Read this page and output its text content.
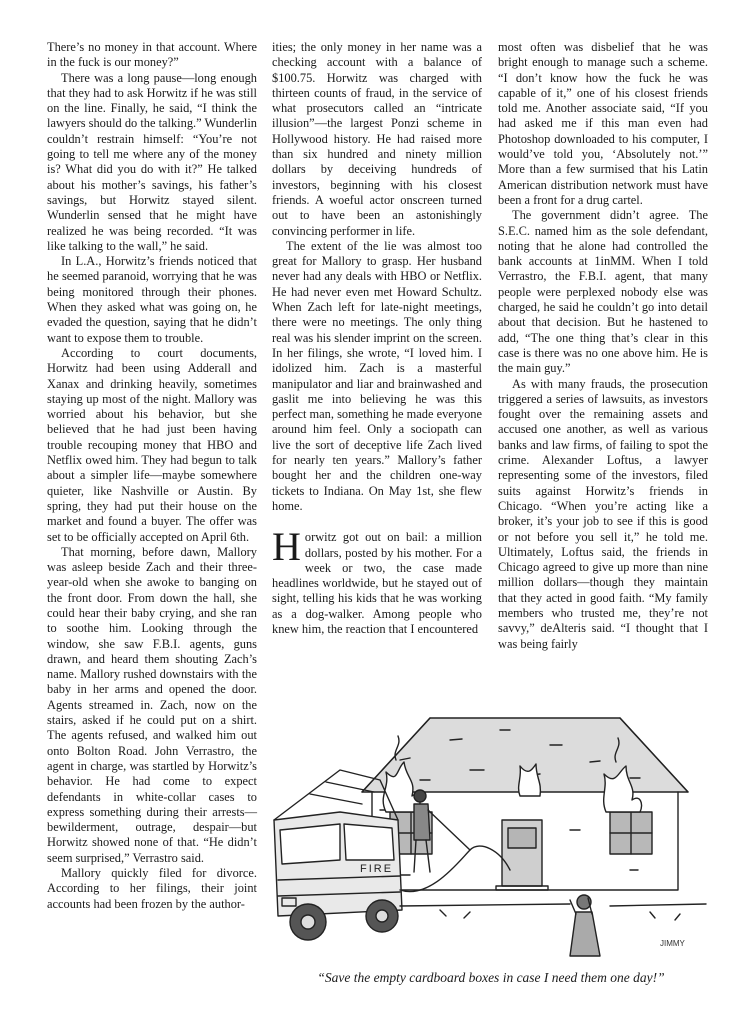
There’s no money in that account. Where in the fuck is our money?”

There was a long pause—long enough that they had to ask Horwitz if he was still on the line. Finally, he said, “I think the lawyers should do the talking.” Wunderlin couldn’t restrain himself: “You’re not going to tell me where any of the money is? What did you do with it?” He talked about his mother’s savings, his father’s savings, but Horwitz stayed silent. Wunderlin sensed that he might have realized he was being recorded. “It was like talking to the wall,” he said.

In L.A., Horwitz’s friends noticed that he seemed paranoid, worrying that he was being monitored through their phones. When they asked what was going on, he evaded the question, saying that he didn’t want to expose them to trouble.

According to court documents, Horwitz had been using Adderall and Xanax and drinking heavily, sometimes staying up most of the night. Mallory was worried about his behavior, but she believed that he had just been having trouble recouping money that HBO and Netflix owed him. They had begun to talk about a simpler life—maybe somewhere quieter, like Nashville or Austin. By spring, they had put their house on the market and found a buyer. The offer was set to be officially accepted on April 6th.

That morning, before dawn, Mallory was asleep beside Zach and their three-year-old when she awoke to banging on the front door. From down the hall, she could hear their baby crying, and she ran to soothe him. Looking through the window, she saw F.B.I. agents, guns drawn, and heard them shouting Zach’s name. Mallory rushed downstairs with the baby in her arms and opened the door. Agents streamed in. Zach, now on the stairs, asked if he could put on a shirt. The agents refused, and walked him out onto Bolton Road. John Verrastro, the agent in charge, was startled by Horwitz’s behavior. He had come to expect defendants in white-collar cases to express something during their arrests—bewilderment, outrage, despair—but Horwitz showed none of that. “He didn’t seem surprised,” Verrastro said.

Mallory quickly filed for divorce. According to her filings, their joint accounts had been frozen by the author-

ities; the only money in her name was a checking account with a balance of $100.75. Horwitz was charged with thirteen counts of fraud, in the service of what prosecutors called an “intricate illusion”—the largest Ponzi scheme in Hollywood history. He had raised more than six hundred and ninety million dollars by deceiving hundreds of investors, beginning with his closest friends. A woeful actor onscreen turned out to have been an astonishingly convincing performer in life.

The extent of the lie was almost too great for Mallory to grasp. Her husband never had any deals with HBO or Netflix. He had never even met Howard Schultz. When Zach left for late-night meetings, there were no meetings. The only thing real was his slender imprint on the screen. In her filings, she wrote, “I loved him. I idolized him. Zach is a masterful manipulator and liar and brainwashed and gaslit me into believing he was this perfect man, something he made everyone around him feel. Only a sociopath can live the sort of deceptive life Zach lived for nearly ten years.” Mallory’s father bought her and the children one-way tickets to Indiana. On May 1st, she flew home.

Horwitz got out on bail: a million dollars, posted by his mother. For a week or two, the case made headlines worldwide, but he stayed out of sight, telling his kids that he was working as a dog-walker. Among people who knew him, the reaction that I encountered

most often was disbelief that he was bright enough to manage such a scheme. “I don’t know how the fuck he was capable of it,” one of his closest friends told me. Another associate said, “If you had asked me if this man even had Photoshop downloaded to his computer, I would’ve told you, ‘Absolutely not.’” More than a few surmised that his Latin American distribution network must have been a front for a drug cartel.

The government didn’t agree. The S.E.C. named him as the sole defendant, noting that he alone had controlled the bank accounts at 1inMM. When I told Verrastro, the F.B.I. agent, that many people were perplexed nobody else was charged, he said he couldn’t go into detail about that decision. But he hastened to add, “The one thing that’s clear in this case is there was no one above him. He is the main guy.”

As with many frauds, the prosecution triggered a series of lawsuits, as investors fought over the remaining assets and accused one another, as well as various banks and law firms, of failing to spot the crime. Alexander Loftus, a lawyer representing some of the investors, filed suits against Horwitz’s friends in Chicago. “When you’re acting like a broker, it’s your job to see if this is good or not before you sell it,” he told me. Ultimately, Loftus said, the friends in Chicago agreed to give up more than nine million dollars—though they maintain that they acted in good faith. “My family members who trusted me, they’re not savvy,” deAlteris said. “I thought that I was being fairly

FIRE
JIMMY
“Save the empty cardboard boxes in case I need them one day!”
